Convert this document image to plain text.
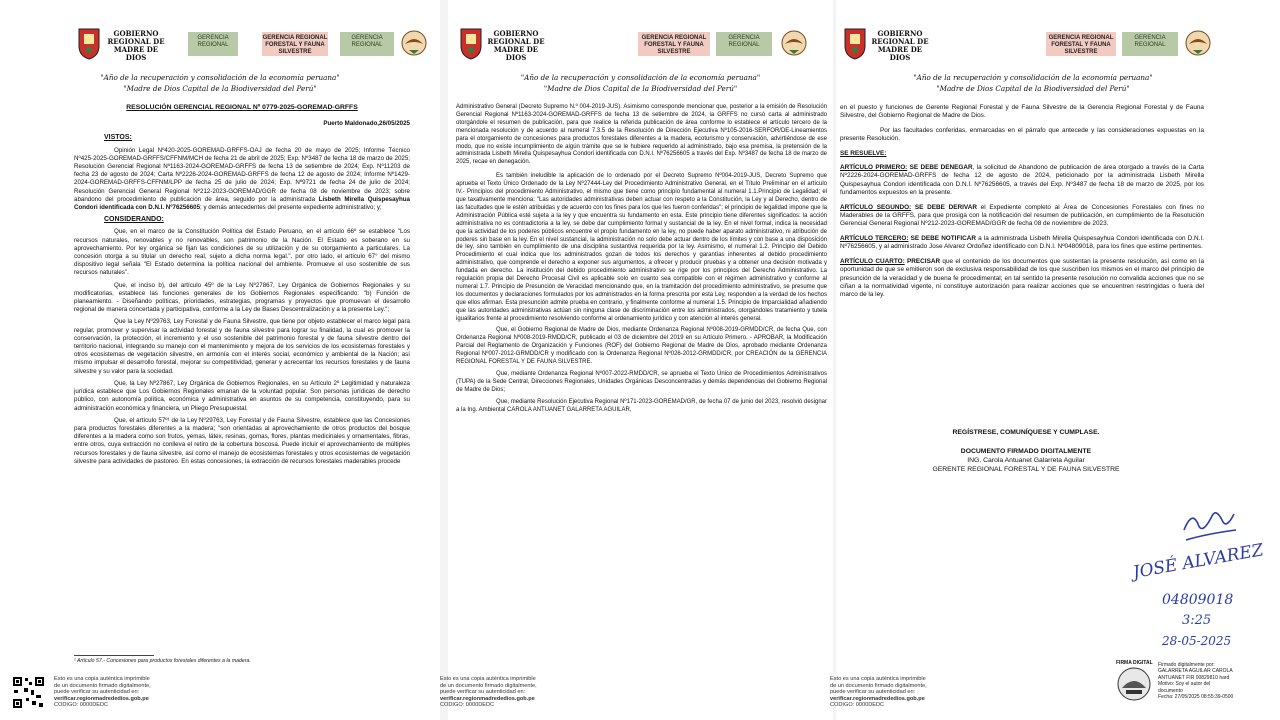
GOBIERNO
REGIONAL DE
MADRE DE DIOS
GERENCIA
REGIONAL
GERENCIA REGIONAL
FORESTAL Y FAUNA
SILVESTRE
GERENCIA
REGIONAL
"Año de la recuperación y consolidación de la economía peruana"
"Madre de Dios Capital de la Biodiversidad del Perú"

RESOLUCIÓN GERENCIAL REGIONAL Nº 0779-2025-GOREMAD-GRFFS

Puerto Maldonado,26/05/2025

VISTOS:

Opinión Legal Nº420-2025-GOREMAD-GRFFS-OAJ de fecha 20 de mayo de 2025; Informe Técnico Nº425-2025-GOREMAD-GRFFS/CFFNM/MCH de fecha 21 de abril de 2025; Exp. Nº3487 de fecha 18 de marzo de 2025; Resolución Gerencial Regional Nº1163-2024-GOREMAD-GRFFS de fecha 13 de setiembre de 2024; Exp. Nº11203 de fecha 23 de agosto de 2024; Carta Nº2226-2024-GOREMAD-GRFFS de fecha 12 de agosto de 2024; Informe Nº1429-2024-GOREMAD-GRFFS-CFFNM/LPP de fecha 25 de julio de 2024; Exp. Nº9721 de fecha 24 de julio de 2024; Resolución Gerencial General Regional Nº212-2023-GOREMAD/GGR de fecha 08 de noviembre de 2023; sobre abandono del procedimiento de publicación de área, seguido por la administrada Lisbeth Mirella Quispesayhua Condori identificada con D.N.I. Nº76256605; y demás antecedentes del presente expediente administrativo; y;

CONSIDERANDO:

Que, en el marco de la Constitución Política del Estado Peruano, en el artículo 66º se establece "Los recursos naturales, renovables y no renovables, son patrimonio de la Nación. El Estado es soberano en su aprovechamiento. Por ley orgánica se fijan las condiciones de su utilización y de su otorgamiento a particulares. La concesión otorga a su titular un derecho real, sujeto a dicha norma legal.", por otro lado, el artículo 67° del mismo dispositivo legal señala "El Estado determina la política nacional del ambiente. Promueve el uso sostenible de sus recursos naturales".

Que, el inciso b), del artículo 45º de la Ley Nº27867, Ley Orgánica de Gobiernos Regionales y su modificatorias, establece las funciones generales de los Gobiernos Regionales especificando: "b) Función de planeamiento. - Diseñando políticas, prioridades, estrategias, programas y proyectos que promuevan el desarrollo regional de manera concertada y participativa, conforme a la Ley de Bases Descentralización y a la presente Ley.";

Que la Ley Nº29763, Ley Forestal y de Fauna Silvestre, que tiene por objeto establecer el marco legal para regular, promover y supervisar la actividad forestal y de fauna silvestre para lograr su finalidad, la cual es promover la conservación, la protección, el incremento y el uso sostenible del patrimonio forestal y de fauna silvestre dentro del territorio nacional, integrando su manejo con el mantenimiento y mejora de los servicios de los ecosistemas forestales y otros ecosistemas de vegetación silvestre, en armonía con el interés social, económico y ambiental de la Nación; así mismo impulsar el desarrollo forestal, mejorar su competitividad, generar y acrecentar los recursos forestales y de fauna silvestre y su valor para la sociedad.

Que, la Ley Nº27867, Ley Orgánica de Gobiernos Regionales, en su Artículo 2º Legitimidad y naturaleza jurídica establece que Los Gobiernos Regionales emanan de la voluntad popular. Son personas jurídicas de derecho público, con autonomía política, económica y administrativa en asuntos de su competencia, constituyendo, para su administración económica y financiera, un Pliego Presupuestal.

Que, el artículo 57º¹ de la Ley Nº29763, Ley Forestal y de Fauna Silvestre, establece que las Concesiones para productos forestales diferentes a la madera; "son orientadas al aprovechamiento de otros productos del bosque diferentes a la madera como son frutos, yemas, látex, resinas, gomas, flores, plantas medicinales y ornamentales, fibras, entre otros, cuya extracción no conlleva el retiro de la cobertura boscosa. Puede incluir el aprovechamiento de múltiples recursos forestales y de fauna silvestre, así como el manejo de ecosistemas forestales y otros ecosistemas de vegetación silvestre para actividades de pastoreo. En estas concesiones, la extracción de recursos forestales maderables procede

¹ Artículo 57.- Concesiones para productos forestales diferentes a la madera.
Esto es una copia auténtica imprimible
de un documento firmado digitalmente,
puede verificar su autenticidad en:
verificar.regionmadrededios.gob.pe
CODIGO: 0000DEDC
GOBIERNO
REGIONAL DE
MADRE DE DIOS
GERENCIA REGIONAL
FORESTAL Y FAUNA
SILVESTRE
GERENCIA
REGIONAL
"Año de la recuperación y consolidación de la economía peruana"
"Madre de Dios Capital de la Biodiversidad del Perú"

Administrativo General (Decreto Supremo N.º 004-2019-JUS). Asimismo corresponde mencionar que, posterior a la emisión de Resolución Gerencial Regional Nº1163-2024-GOREMAD-GRFFS de fecha 13 de setiembre de 2024, la GRFFS no cursó carta al administrado otorgándole el resumen de publicación, para que realice la referida publicación de área conforme lo establece el artículo tercero de la mencionada resolución y de acuerdo al numeral 7.3.5 de la Resolución de Dirección Ejecutiva Nº105-2016-SERFOR/DE-Lineamientos para el otorgamiento de concesiones para productos forestales diferentes a la madera, ecoturismo y conservación, advirtiéndose de ese modo, que no existe incumplimiento de algún trámite que se le hubiere requerido al administrado, bajo esa premisa, la pretensión de la administrada Lisbeth Mirella Quispesayhua Condori identificada con D.N.I. Nº76256605 a través del Exp. Nº3487 de fecha 18 de marzo de 2025, recae en denegación.

Es también ineludible la aplicación de lo ordenado por el Decreto Supremo Nº004-2019-JUS, Decreto Supremo que aprueba el Texto Único Ordenado de la Ley Nº27444-Ley del Procedimiento Administrativo General, en el Título Preliminar en el artículo IV.- Principios del procedimiento Administrativo, el mismo que tiene como principio fundamental al numeral 1.1.Principio de Legalidad; el que taxativamente menciona: "Las autoridades administrativas deben actuar con respeto a la Constitución, la Ley y al Derecho, dentro de las facultades que le estén atribuidas y de acuerdo con los fines para los que les fueron conferidas"; el principio de legalidad impone que la Administración Pública esté sujeta a la ley y que encuentra su fundamento en esta. Este principio tiene diferentes significados: la acción administrativa no es contradictoria a la ley, se debe dar cumplimiento formal y sustancial de la ley. En el nivel formal, indica la necesidad que la actividad de los poderes públicos encuentre el propio fundamento en la ley, no puede haber aparato administrativo, ni atribución de poderes sin base en la ley. En el nivel sustancial, la administración no solo debe actuar dentro de los límites y con base a una disposición de ley, sino también en cumplimiento de una disciplina sustantiva requerida por la ley. Asimismo, el numeral 1.2. Principio del Debido Procedimiento el cual indica que los administrados gozan de todos los derechos y garantías inherentes al debido procedimiento administrativo, que comprende el derecho a exponer sus argumentos, a ofrecer y producir pruebas y a obtener una decisión motivada y fundada en derecho. La institución del debido procedimiento administrativo se rige por los principios del Derecho Administrativo. La regulación propia del Derecho Procesal Civil es aplicable solo en cuanto sea compatible con el régimen administrativo y conforme al numeral 1.7. Principio de Presunción de Veracidad mencionando que, en la tramitación del procedimiento administrativo, se presume que los documentos y declaraciones formulados por los administrados en la forma prescrita por esta Ley, responden a la verdad de los hechos que ellos afirman. Esta presunción admite prueba en contrario, y finalmente conforme al numeral 1.5. Principio de Imparcialidad añadiendo que las autoridades administrativas actúan sin ninguna clase de discriminación entre los administrados, otorgándoles tratamiento y tutela igualitarios frente al procedimiento resolviendo conforme al ordenamiento jurídico y con atención al interés general.

Que, el Gobierno Regional de Madre de Dios, mediante Ordenanza Regional Nº008-2019-GRMDD/CR, de fecha Que, con Ordenanza Regional Nº008-2019-RMDD/CR, publicado el 03 de diciembre del 2019 en su Artículo Primero. - APROBAR, la Modificación Parcial del Reglamento de Organización y Funciones (ROF) del Gobierno Regional de Madre de Dios, aprobado mediante Ordenanza Regional Nº007-2012-GRMDD/CR y modificado con la Ordenanza Regional Nº026-2012-GRMDD/CR, por CREACIÓN de la GERENCIA REGIONAL FORESTAL Y DE FAUNA SILVESTRE.

Que, mediante Ordenanza Regional Nº007-2022-RMDD/CR, se aprueba el Texto Único de Procedimientos Administrativos (TUPA) de la Sede Central, Direcciones Regionales, Unidades Orgánicas Desconcentradas y demás dependencias del Gobierno Regional de Madre de Dios;

Que, mediante Resolución Ejecutiva Regional Nº171-2023-GOREMAD/GR, de fecha 07 de junio del 2023, resolvió designar a la Ing. Ambiental CAROLA ANTUANET GALARRETA AGUILAR,

Esto es una copia auténtica imprimible
de un documento firmado digitalmente,
puede verificar su autenticidad en:
verificar.regionmadrededios.gob.pe
CODIGO: 0000DEDC
GOBIERNO
REGIONAL DE
MADRE DE DIOS
GERENCIA REGIONAL
FORESTAL Y FAUNA
SILVESTRE
GERENCIA
REGIONAL
"Año de la recuperación y consolidación de la economía peruana"
"Madre de Dios Capital de la Biodiversidad del Perú"

en el puesto y funciones de Gerente Regional Forestal y de Fauna Silvestre de la Gerencia Regional Forestal y de Fauna Silvestre, del Gobierno Regional de Madre de Dios.

Por las facultades conferidas, enmarcadas en el párrafo que antecede y las consideraciones expuestas en la presente Resolución.

SE RESUELVE:

ARTÍCULO PRIMERO: SE DEBE DENEGAR, la solicitud de Abandono de publicación de área otorgado a través de la Carta Nº2226-2024-GOREMAD-GRFFS de fecha 12 de agosto de 2024, peticionado por la administrada Lisbeth Mirella Quispesayhua Condori identificada con D.N.I. Nº76256605, a través del Exp. Nº3487 de fecha 18 de marzo de 2025, por los fundamentos expuestos en la presente.

ARTÍCULO SEGUNDO: SE DEBE DERIVAR el Expediente completo al Área de Concesiones Forestales con fines no Maderables de la GRFFS, para que prosiga con la notificación del resumen de publicación, en cumplimiento de la Resolución Gerencial General Regional Nº212-2023-GOREMAD/GGR de fecha 08 de noviembre de 2023.

ARTÍCULO TERCERO: SE DEBE NOTIFICAR a la administrada Lisbeth Mirella Quispesayhua Condori identificada con D.N.I. Nº76256605, y al administrado Jose Alvarez Ordoñez identificado con D.N.I. Nº04809018, para los fines que estime pertinentes.

ARTÍCULO CUARTO: PRECISAR que el contenido de los documentos que sustentan la presente resolución, así como en la oportunidad de que se emitieron son de exclusiva responsabilidad de los que suscriben los mismos en el marco del principio de presunción de la veracidad y de buena fe procedimental; en tal sentido la presente resolución no convalida acciones que no se ciñan a la normatividad vigente, ni constituye autorización para realizar acciones que se encuentren restringidas o fuera del marco de la ley.

REGÍSTRESE, COMUNÍQUESE Y CUMPLASE.
DOCUMENTO FIRMADO DIGITALMENTE
ING. Carola Antuanet Galarreta Aguilar
GERENTE REGIONAL FORESTAL Y DE FAUNA SILVESTRE
JOSÉ ALVAREZ
04809018
3:25
28-05-2025
Esto es una copia auténtica imprimible
de un documento firmado digitalmente,
puede verificar su autenticidad en:
verificar.regionmadrededios.gob.pe
CODIGO: 0000DEDC
FIRMA DIGITAL	Firmado digitalmente por:
GALARRETA AGUILAR CAROLA
ANTUANET FIR 00829810 hard
Motivo: Soy el autor del
documento
Fecha: 27/05/2025 08:55:39-0500
